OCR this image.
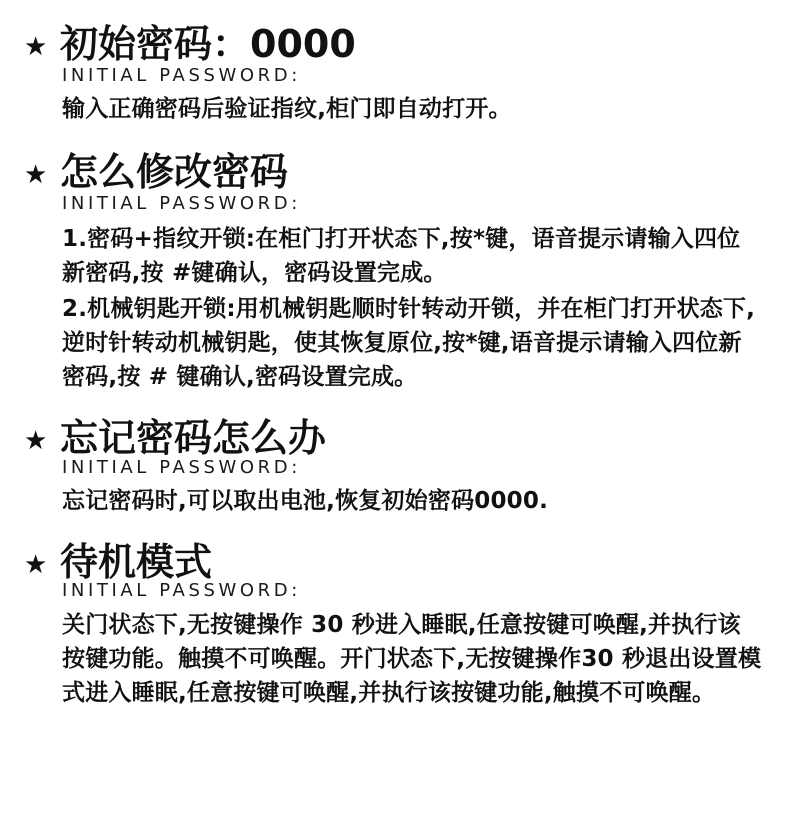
★ 初始密码：0000
INITIAL PASSWORD:
输入正确密码后验证指纹,柜门即自动打开。
★ 怎么修改密码
INITIAL PASSWORD:
1.密码+指纹开锁:在柜门打开状态下,按*键，语音提示请输入四位新密码,按 #键确认，密码设置完成。
2.机械钥匙开锁:用机械钥匙顺时针转动开锁，并在柜门打开状态下,逆时针转动机械钥匙，使其恢复原位,按*键,语音提示请输入四位新密码,按 # 键确认,密码设置完成。
★ 忘记密码怎么办
INITIAL PASSWORD:
忘记密码时,可以取出电池,恢复初始密码0000.
★ 待机模式
INITIAL PASSWORD:
关门状态下,无按键操作 30 秒进入睡眠,任意按键可唤醒,并执行该按键功能。触摸不可唤醒。开门状态下,无按键操作30 秒退出设置模式进入睡眠,任意按键可唤醒,并执行该按键功能,触摸不可唤醒。
